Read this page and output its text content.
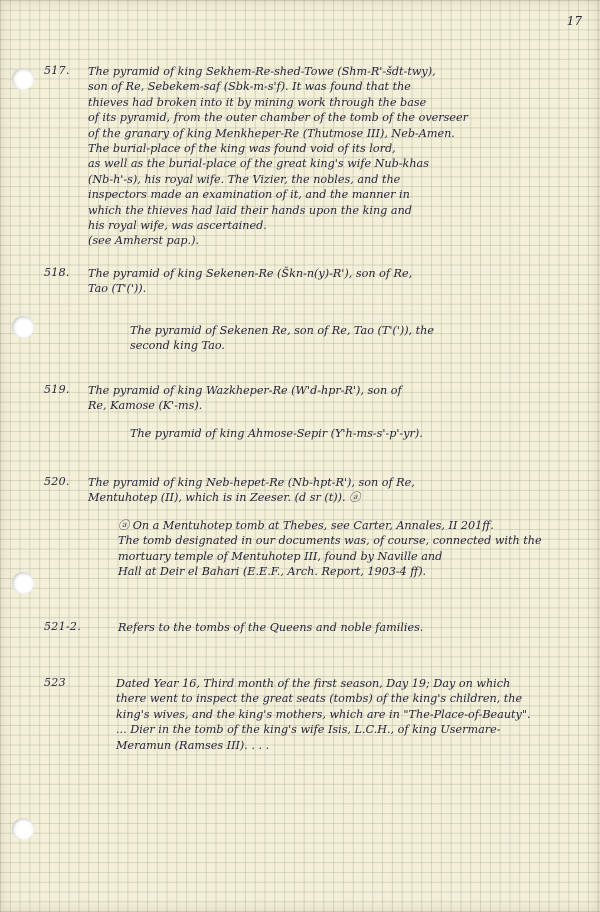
17
517. The pyramid of king Sekhem-Re-shed-Towe (Shm-R'-šdt-twy),
son of Re, Sebekem-saf (Sbk-m-s'f). It was found that the
thieves had broken into it by mining work through the base
of its pyramid, from the outer chamber of the tomb of the overseer
of the granary of king Menkheper-Re (Thutmose III), Neb-Amen.
The burial-place of the king was found void of its lord,
as well as the burial-place of the great king's wife Nub-khas
(Nb-h'-s), his royal wife. The Vizier, the nobles, and the
inspectors made an examination of it, and the manner in
which the thieves had laid their hands upon the king and
his royal wife, was ascertained.
(see Amherst pap.).
518. The pyramid of king Sekenen-Re (Škn-n(y)-R'), son of Re,
Tao (T'(')).
The pyramid of Sekenen Re, son of Re, Tao (T'(')), the
second king Tao.
519. The pyramid of king Wazkheper-Re (W'd-hpr-R'), son of
Re, Kamose (K'-ms).
The pyramid of king Ahmose-Sepir (Y'h-ms-s'-p'-yr).
520. The pyramid of king Neb-hepet-Re (Nb-hpt-R'), son of Re,
Mentuhotep (II), which is in Zeeser. (d sr (t)). ⓐ
ⓐ On a Mentuhotep tomb at Thebes, see Carter, Annales, II 201ff.
The tomb designated in our documents was, of course, connected with the
mortuary temple of Mentuhotep III, found by Naville and
Hall at Deir el Bahari (E.E.F., Arch. Report, 1903-4 ff).
521-2.	Refers to the tombs of the Queens and noble families.
523	Dated Year 16, Third month of the first season, Day 19; Day on which
there went to inspect the great seats (tombs) of the king's children, the
king's wives, and the king's mothers, which are in "The-Place-of-Beauty".
... Dier in the tomb of the king's wife Isis, L.C.H., of king Usermare-
Meramun (Ramses III). . . .
